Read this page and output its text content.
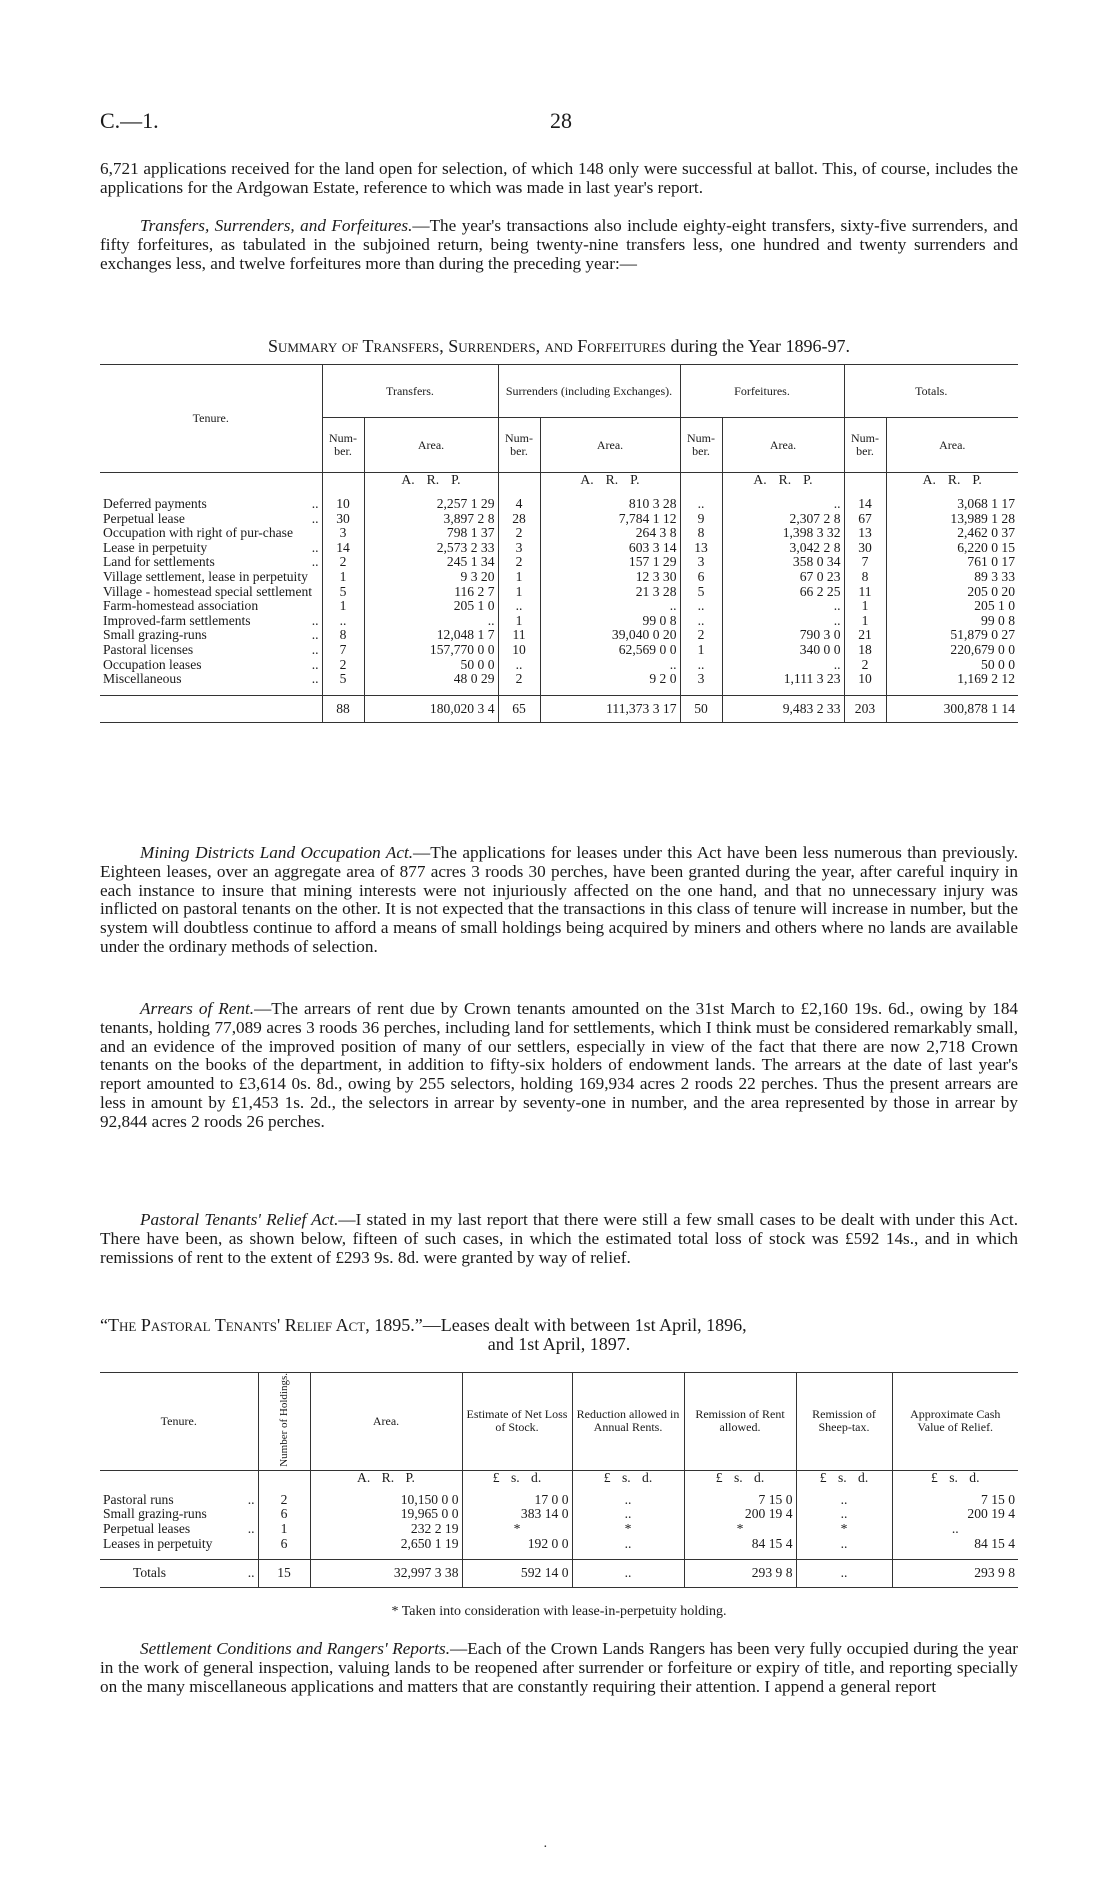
C.—1.	28

6,721 applications received for the land open for selection, of which 148 only were successful at ballot. This, of course, includes the applications for the Ardgowan Estate, reference to which was made in last year's report.

Transfers, Surrenders, and Forfeitures.—The year's transactions also include eighty-eight transfers, sixty-five surrenders, and fifty forfeitures, as tabulated in the subjoined return, being twenty-nine transfers less, one hundred and twenty surrenders and exchanges less, and twelve forfeitures more than during the preceding year:—

Summary of Transfers, Surrenders, and Forfeitures during the Year 1896-97.
Tenure.	Transfers.		Surrenders (including Exchanges).		Forfeitures.		Totals.	
	Num-ber.	Area.	Num-ber.	Area.	Num-ber.	Area.	Num-ber.	Area.
		A. R. P.		A. R. P.		A. R. P.		A. R. P.

Deferred payments ..	10	2,257 1 29	4	810 3 28	..	..	14	3,068 1 17

Perpetual lease ..	30	3,897 2 8	28	7,784 1 12	9	2,307 2 8	67	13,989 1 28
Occupation with right of pur-chase	3	798 1 37	2	264 3 8	8	1,398 3 32	13	2,462 0 37

Lease in perpetuity ..	14	2,573 2 33	3	603 3 14	13	3,042 2 8	30	6,220 0 15

Land for settlements ..	2	245 1 34	2	157 1 29	3	358 0 34	7	761 0 17
Village settlement, lease in perpetuity	1	9 3 20	1	12 3 30	6	67 0 23	8	89 3 33
Village - homestead special settlement	5	116 2 7	1	21 3 28	5	66 2 25	11	205 0 20
Farm-homestead association	1	205 1 0	..	..	..	..	1	205 1 0

Improved-farm settlements ..	..	..	1	99 0 8	..	..	1	99 0 8

Small grazing-runs ..	8	12,048 1 7	11	39,040 0 20	2	790 3 0	21	51,879 0 27

Pastoral licenses ..	7	157,770 0 0	10	62,569 0 0	1	340 0 0	18	220,679 0 0

Occupation leases ..	2	50 0 0	..	..	..	..	2	50 0 0

Miscellaneous ..	5	48 0 29	2	9 2 0	3	1,111 3 23	10	1,169 2 12

	88	180,020 3 4	65	111,373 3 17	50	9,483 2 33	203	300,878 1 14

Mining Districts Land Occupation Act.—The applications for leases under this Act have been less numerous than previously. Eighteen leases, over an aggregate area of 877 acres 3 roods 30 perches, have been granted during the year, after careful inquiry in each instance to insure that mining interests were not injuriously affected on the one hand, and that no unnecessary injury was inflicted on pastoral tenants on the other. It is not expected that the transactions in this class of tenure will increase in number, but the system will doubtless continue to afford a means of small holdings being acquired by miners and others where no lands are available under the ordinary methods of selection.

Arrears of Rent.—The arrears of rent due by Crown tenants amounted on the 31st March to £2,160 19s. 6d., owing by 184 tenants, holding 77,089 acres 3 roods 36 perches, including land for settlements, which I think must be considered remarkably small, and an evidence of the improved position of many of our settlers, especially in view of the fact that there are now 2,718 Crown tenants on the books of the department, in addition to fifty-six holders of endowment lands. The arrears at the date of last year's report amounted to £3,614 0s. 8d., owing by 255 selectors, holding 169,934 acres 2 roods 22 perches. Thus the present arrears are less in amount by £1,453 1s. 2d., the selectors in arrear by seventy-one in number, and the area represented by those in arrear by 92,844 acres 2 roods 26 perches.

Pastoral Tenants' Relief Act.—I stated in my last report that there were still a few small cases to be dealt with under this Act. There have been, as shown below, fifteen of such cases, in which the estimated total loss of stock was £592 14s., and in which remissions of rent to the extent of £293 9s. 8d. were granted by way of relief.

“The Pastoral Tenants' Relief Act, 1895.”—Leases dealt with between 1st April, 1896,

and 1st April, 1897.
Tenure.	Number of Holdings.	Area.	Estimate of Net Loss of Stock.	Reduction allowed in Annual Rents.	Remission of Rent allowed.	Remission of Sheep-tax.	Approximate Cash Value of Relief.
		A. R. P.	£ s. d.	£ s. d.	£ s. d.	£ s. d.	£ s. d.

Pastoral runs ..	2	10,150 0 0	17 0 0	..	7 15 0	..	7 15 0
Small grazing-runs	6	19,965 0 0	383 14 0	..	200 19 4	..	200 19 4

Perpetual leases ..	1	232 2 19	*	*	*	*	..
Leases in perpetuity	6	2,650 1 19	192 0 0	..	84 15 4	..	84 15 4

Totals ..	15	32,997 3 38	592 14 0	..	293 9 8	..	293 9 8
* Taken into consideration with lease-in-perpetuity holding.

Settlement Conditions and Rangers' Reports.—Each of the Crown Lands Rangers has been very fully occupied during the year in the work of general inspection, valuing lands to be reopened after surrender or forfeiture or expiry of title, and reporting specially on the many miscellaneous applications and matters that are constantly requiring their attention. I append a general report

·
